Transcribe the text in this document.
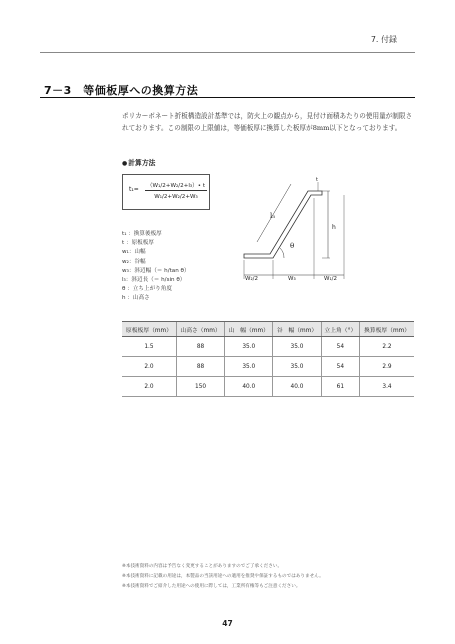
7. 付録
7－3　等価板厚への換算方法
ポリカーボネート折板構造設計基準では，防火上の観点から，見付け面積あたりの使用量が制限されております。この制限の上限値は，等価板厚に換算した板厚が8mm以下となっております。
●計算方法
t₁=	（W₁/2+W₂/2+l₃）• t
W₁/2+W₂/2+W₃
t₁ ：換算後板厚
t ：原板板厚
w₁：山幅
w₂：谷幅
w₃：斜辺幅（＝ h/tan θ）
l₃：斜辺長（＝ h/sin θ）
θ ：立ち上がり角度
h ：山高さ
l₃
h
t
θ
W₂/2	W₃	W₁/2
原板板厚（mm）	山高さ（mm）	山　幅（mm）	谷　幅（mm）	立上角（°）	換算板厚（mm）
1.5	88	35.0	35.0	54	2.2
2.0	88	35.0	35.0	54	2.9
2.0	150	40.0	40.0	61	3.4
※本技術資料の内容は予告なく変更することがありますのでご了承ください。
※本技術資料に記載の用途は，本製品の当該用途への適用を推奨や保証するものではありません。
※本技術資料でご紹介した用途への使用に際しては，工業所有権等もご注意ください。
47
